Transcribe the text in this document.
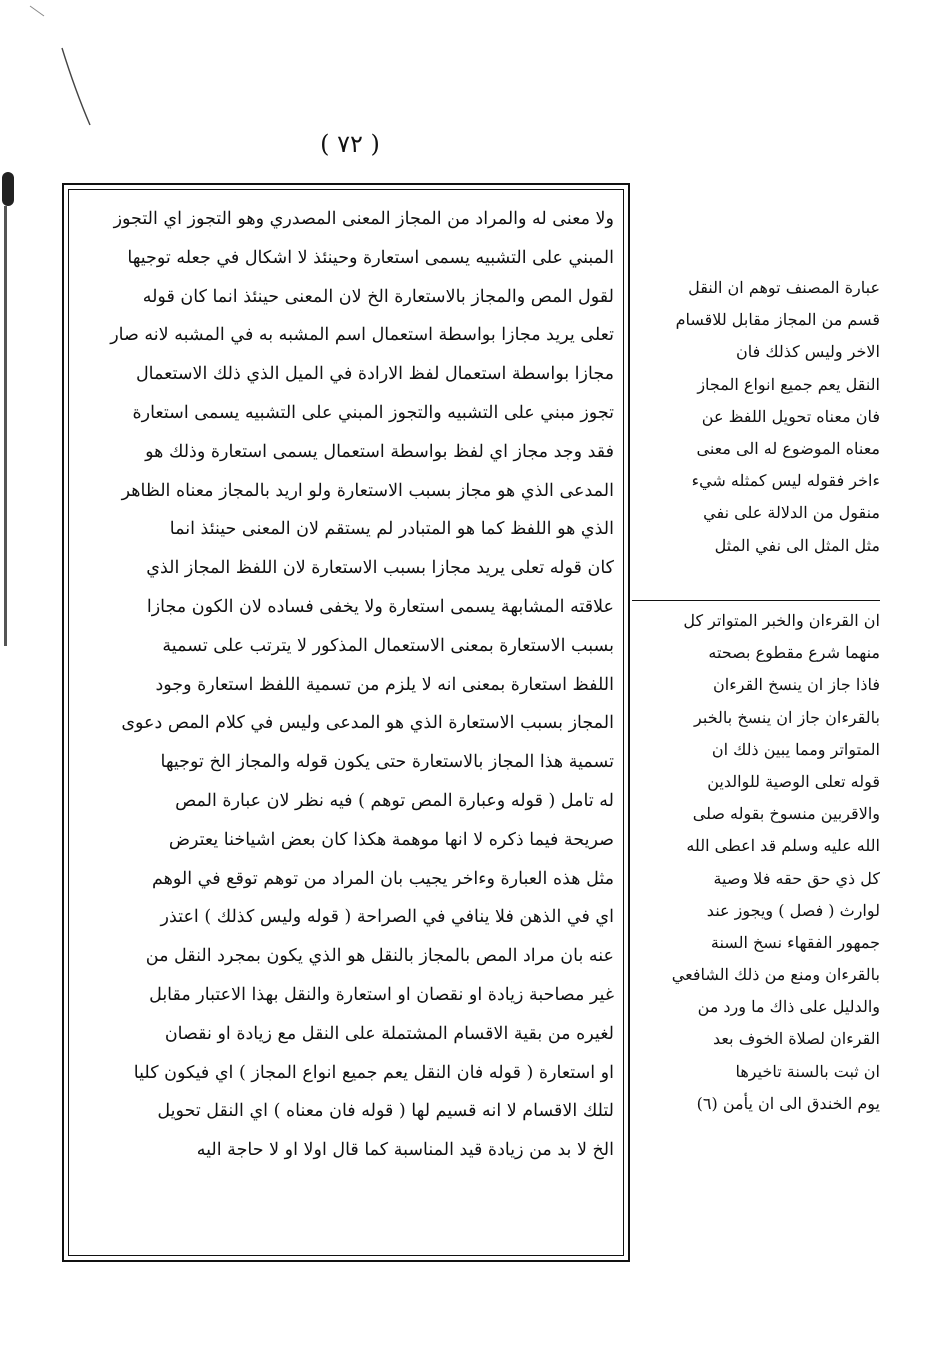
( ٧٢ )
ولا معنى له والمراد من المجاز المعنى المصدري وهو التجوز اي التجوز
المبني على التشبيه يسمى استعارة وحينئذ لا اشكال في جعله توجيها
لقول المص والمجاز بالاستعارة الخ لان المعنى حينئذ انما كان قوله
تعلى يريد مجازا بواسطة استعمال اسم المشبه به في المشبه لانه صار
مجازا بواسطة استعمال لفظ الارادة في الميل الذي ذلك الاستعمال
تجوز مبني على التشبيه والتجوز المبني على التشبيه يسمى استعارة
فقد وجد مجاز اي لفظ بواسطة استعمال يسمى استعارة وذلك هو
المدعى الذي هو مجاز بسبب الاستعارة ولو اريد بالمجاز معناه الظاهر
الذي هو اللفظ كما هو المتبادر لم يستقم لان المعنى حينئذ انما
كان قوله تعلى يريد مجازا بسبب الاستعارة لان اللفظ المجاز الذي
علاقته المشابهة يسمى استعارة ولا يخفى فساده لان الكون مجازا
بسبب الاستعارة بمعنى الاستعمال المذكور لا يترتب على تسمية
اللفظ استعارة بمعنى انه لا يلزم من تسمية اللفظ استعارة وجود
المجاز بسبب الاستعارة الذي هو المدعى وليس في كلام المص دعوى
تسمية هذا المجاز بالاستعارة حتى يكون قوله والمجاز الخ توجيها
له تامل ( قوله وعبارة المص توهم ) فيه نظر لان عبارة المص
صريحة فيما ذكره لا انها موهمة هكذا كان بعض اشياخنا يعترض
مثل هذه العبارة وءاخر يجيب بان المراد من توهم توقع في الوهم
اي في الذهن فلا ينافي في الصراحة ( قوله وليس كذلك ) اعتذر
عنه بان مراد المص بالمجاز بالنقل هو الذي يكون بمجرد النقل من
غير مصاحبة زيادة او نقصان او استعارة والنقل بهذا الاعتبار مقابل
لغيره من بقية الاقسام المشتملة على النقل مع زيادة او نقصان
او استعارة ( قوله فان النقل يعم جميع انواع المجاز ) اي فيكون كليا
لتلك الاقسام لا انه قسيم لها ( قوله فان معناه ) اي النقل تحويل
الخ لا بد من زيادة قيد المناسبة كما قال اولا او لا حاجة اليه
عبارة المصنف توهم ان النقل
قسم من المجاز مقابل للاقسام
الاخر وليس كذلك فان
النقل يعم جميع انواع المجاز
فان معناه تحويل اللفظ عن
معناه الموضوع له الى معنى
ءاخر فقوله ليس كمثله شيء
منقول من الدلالة على نفي
مثل المثل الى نفي المثل
ان القرءان والخبر المتواتر كل
منهما شرع مقطوع بصحته
فاذا جاز ان ينسخ القرءان
بالقرءان جاز ان ينسخ بالخبر
المتواتر ومما يبين ذلك ان
قوله تعلى الوصية للوالدين
والاقربين منسوخ بقوله صلى
الله عليه وسلم قد اعطى الله
كل ذي حق حقه فلا وصية
لوارث ( فصل ) ويجوز عند
جمهور الفقهاء نسخ السنة
بالقرءان ومنع من ذلك الشافعي
والدليل على ذاك ما ورد من
القرءان لصلاة الخوف بعد
ان ثبت بالسنة تاخيرها
يوم الخندق الى ان يأمن (٦)
